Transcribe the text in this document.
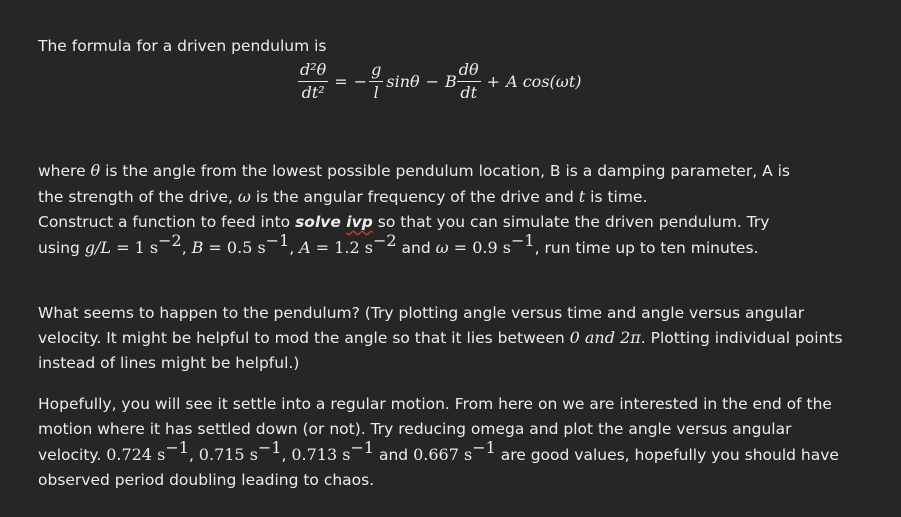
The formula for a driven pendulum is
$\frac{\text{d²θ}}{\text{dt²}}$ = − $\frac{g}{l}$ sinθ − B $\frac{d\theta}{dt} + A$ cos(ωt)
where θ is the angle from the lowest possible pendulum location, B is a damping parameter, A is
the strength of the drive, ω is the angular frequency of the drive and t is time.
Construct a function to feed into solve ivp so that you can simulate the driven pendulum. Try
using g/L = 1 $s^{-2}$, B = 0.5 $s^{-1}$, A = 1.2 $s^{-2}$ and ω = 0.9 $s^{-1}$, run time up to ten minutes.
What seems to happen to the pendulum? (Try plotting angle versus time and angle versus angular
velocity. It might be helpful to mod the angle so that it lies between 0 and 2π. Plotting individual points
instead of lines might be helpful.)
Hopefully, you will see it settle into a regular motion. From here on we are interested in the end of the
motion where it has settled down (or not). Try reducing omega and plot the angle versus angular
velocity. 0.724 $s^{-1}$, 0.715 $s^{-1}$, 0.713 $s^{-1}$ and 0.667 $s^{-1}$ are good values, hopefully you should have
observed period doubling leading to chaos.
